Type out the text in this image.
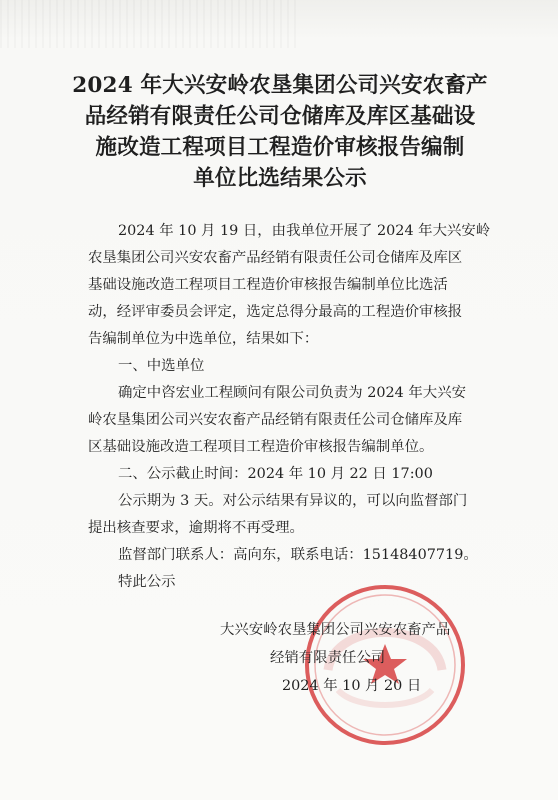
2024 年大兴安岭农垦集团公司兴安农畜产
品经销有限责任公司仓储库及库区基础设
施改造工程项目工程造价审核报告编制
单位比选结果公示
2024 年 10 月 19 日，由我单位开展了 2024 年大兴安岭
农垦集团公司兴安农畜产品经销有限责任公司仓储库及库区
基础设施改造工程项目工程造价审核报告编制单位比选活
动，经评审委员会评定，选定总得分最高的工程造价审核报
告编制单位为中选单位，结果如下：
一、中选单位
确定中咨宏业工程顾问有限公司负责为 2024 年大兴安
岭农垦集团公司兴安农畜产品经销有限责任公司仓储库及库
区基础设施改造工程项目工程造价审核报告编制单位。
二、公示截止时间：2024 年 10 月 22 日 17:00
公示期为 3 天。对公示结果有异议的，可以向监督部门
提出核查要求，逾期将不再受理。
监督部门联系人：高向东，联系电话：15148407719。
特此公示
大兴安岭农垦集团公司兴安农畜产品
经销有限责任公司
2024 年 10 月 20 日
